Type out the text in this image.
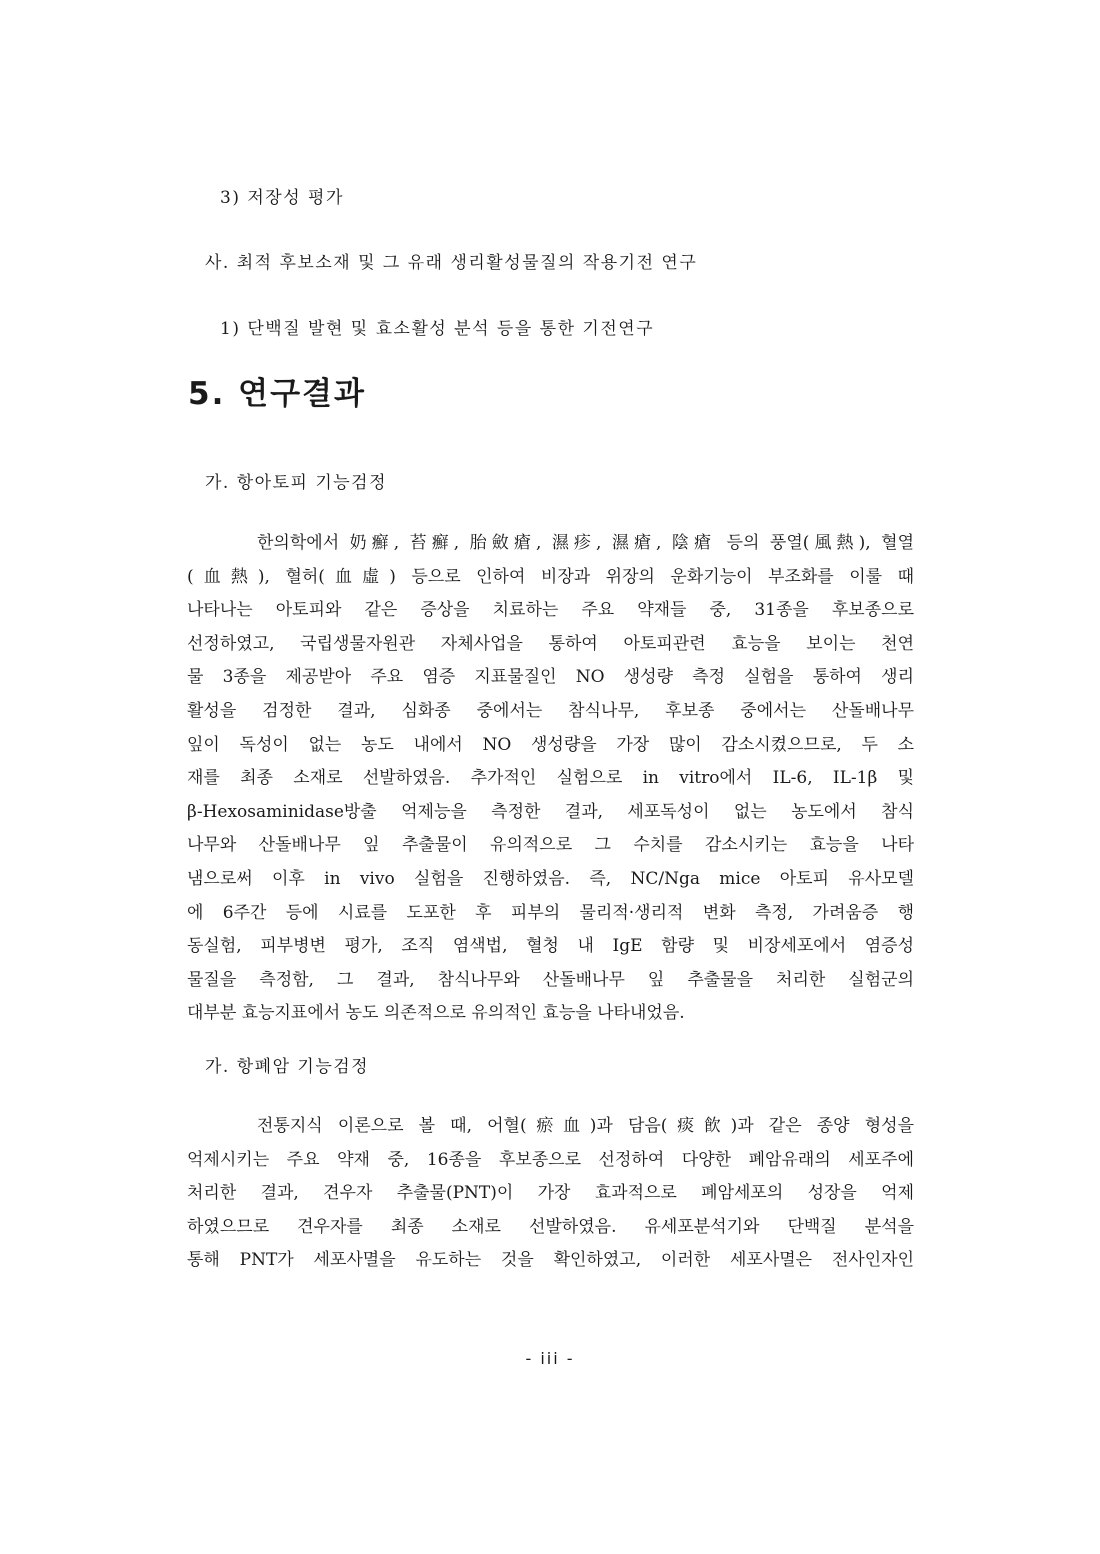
3) 저장성 평가
사. 최적 후보소재 및 그 유래 생리활성물질의 작용기전 연구
1) 단백질 발현 및 효소활성 분석 등을 통한 기전연구
5. 연구결과
가. 항아토피 기능검정
한의학에서 奶癬, 苔癬, 胎斂瘡, 濕疹, 濕瘡, 陰瘡 등의 풍열(風熱), 혈열
(血熱), 혈허(血虛) 등으로 인하여 비장과 위장의 운화기능이 부조화를 이룰 때
나타나는 아토피와 같은 증상을 치료하는 주요 약재들 중, 31종을 후보종으로
선정하였고, 국립생물자원관 자체사업을 통하여 아토피관련 효능을 보이는 천연
물 3종을 제공받아 주요 염증 지표물질인 NO 생성량 측정 실험을 통하여 생리
활성을 검정한 결과, 심화종 중에서는 참식나무, 후보종 중에서는 산돌배나무
잎이 독성이 없는 농도 내에서 NO 생성량을 가장 많이 감소시켰으므로, 두 소
재를 최종 소재로 선발하였음. 추가적인 실험으로 in vitro에서 IL-6, IL-1β 및
β-Hexosaminidase방출 억제능을 측정한 결과, 세포독성이 없는 농도에서 참식
나무와 산돌배나무 잎 추출물이 유의적으로 그 수치를 감소시키는 효능을 나타
냄으로써 이후 in vivo 실험을 진행하였음. 즉, NC/Nga mice 아토피 유사모델
에 6주간 등에 시료를 도포한 후 피부의 물리적·생리적 변화 측정, 가려움증 행
동실험, 피부병변 평가, 조직 염색법, 혈청 내 IgE 함량 및 비장세포에서 염증성
물질을 측정함, 그 결과, 참식나무와 산돌배나무 잎 추출물을 처리한 실험군의
대부분 효능지표에서 농도 의존적으로 유의적인 효능을 나타내었음.
가. 항폐암 기능검정
전통지식 이론으로 볼 때, 어혈(瘀血)과 담음(痰飮)과 같은 종양 형성을
억제시키는 주요 약재 중, 16종을 후보종으로 선정하여 다양한 폐암유래의 세포주에
처리한 결과, 견우자 추출물(PNT)이 가장 효과적으로 폐암세포의 성장을 억제
하였으므로 견우자를 최종 소재로 선발하였음. 유세포분석기와 단백질 분석을
통해 PNT가 세포사멸을 유도하는 것을 확인하였고, 이러한 세포사멸은 전사인자인
- iii -
